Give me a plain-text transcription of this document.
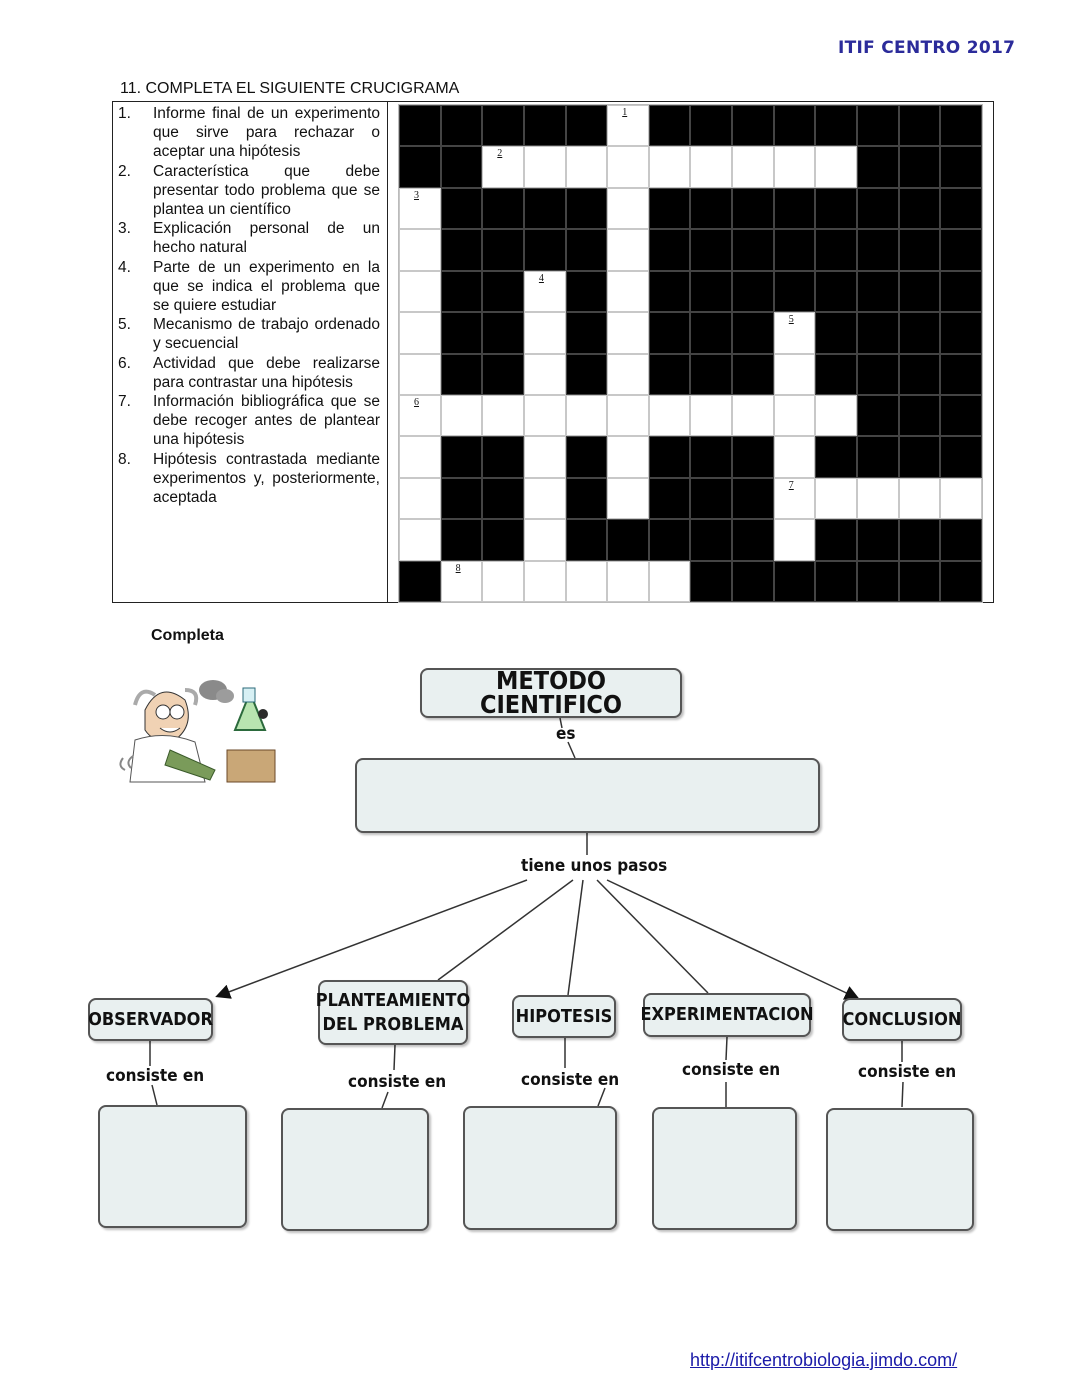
ITIF CENTRO 2017
11. COMPLETA EL SIGUIENTE CRUCIGRAMA
1.	Informe final de un experimento que sirve para rechazar o aceptar una hipótesis
2.	Característica que debe presentar todo problema que se plantea un científico
3.	Explicación personal de un hecho natural
4.	Parte de un experimento en la que se indica el problema que se quiere estudiar
5.	Mecanismo de trabajo ordenado y secuencial
6.	Actividad que debe realizarse para contrastar una hipótesis
7.	Información bibliográfica que se debe recoger antes de plantear una hipótesis
8.	Hipótesis contrastada mediante experimentos y, posteriormente, aceptada
1
2
3
4
5
6
7
8
Completa
METODO CIENTIFICO
es
tiene unos pasos
OBSERVADOR
PLANTEAMIENTO DEL PROBLEMA	HIPOTESIS EXPERIMENTACION CONCLUSION
consiste en	consiste en	consiste en	consiste en	consiste en
http://itifcentrobiologia.jimdo.com/
